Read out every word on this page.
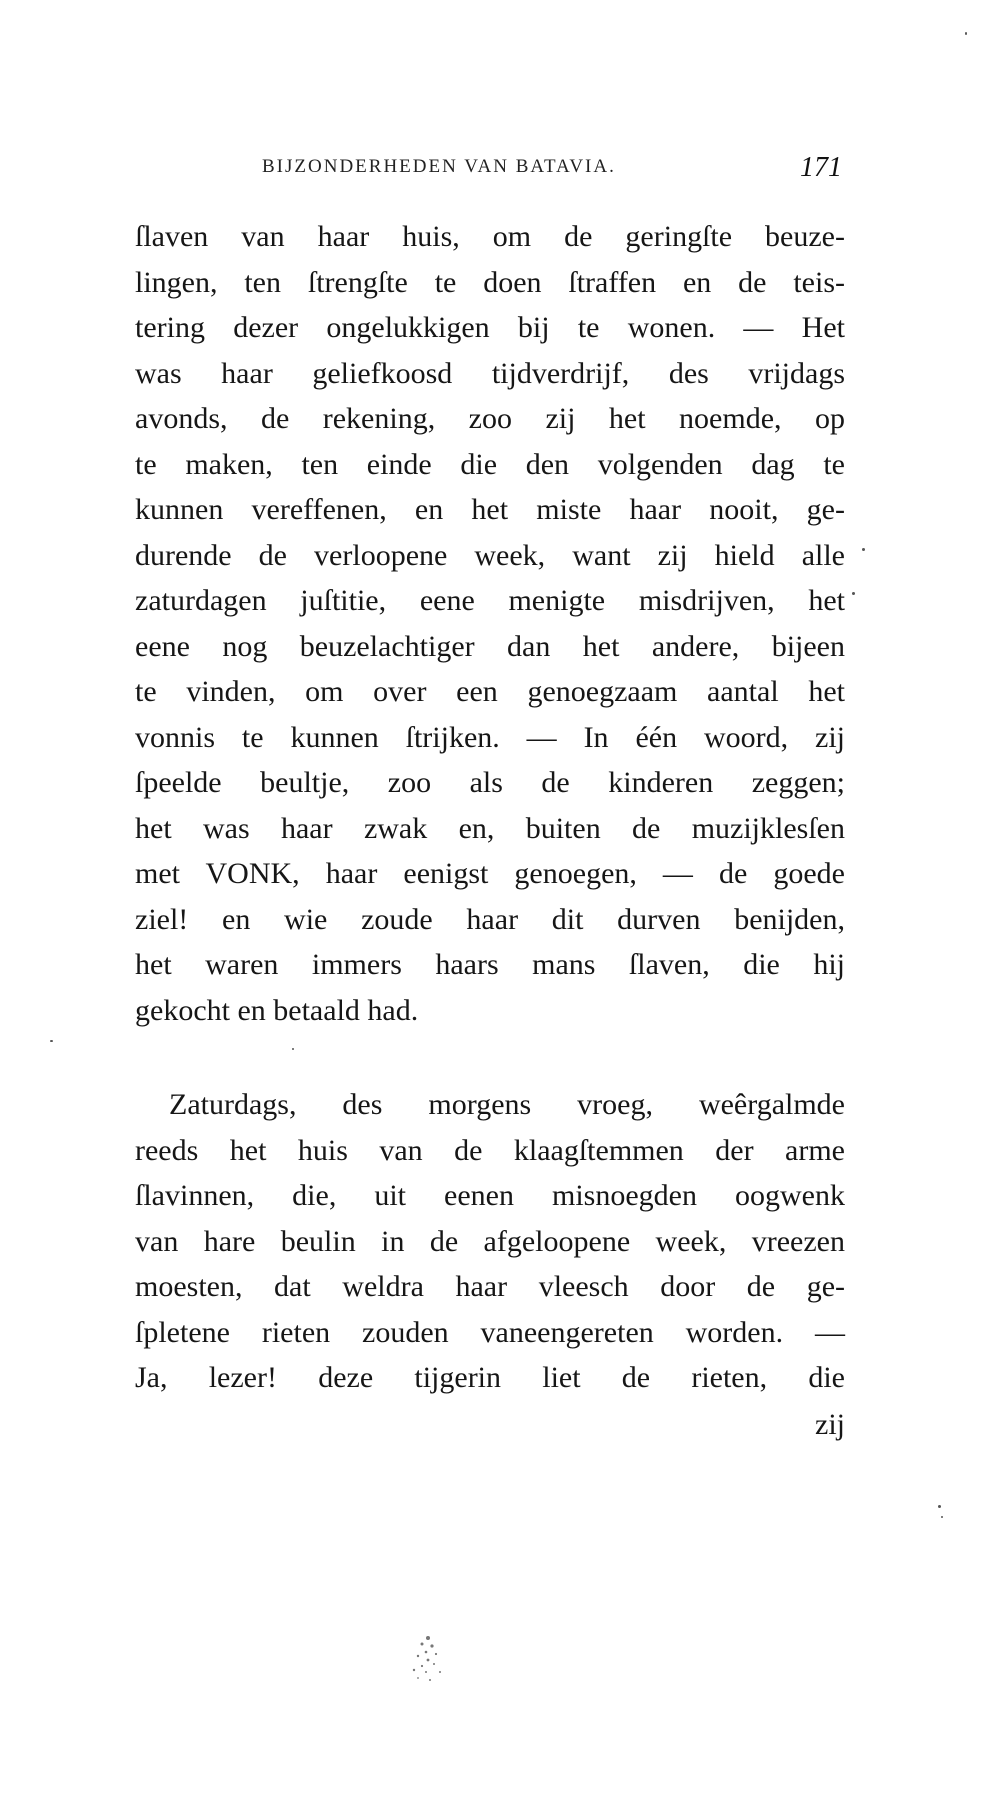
BIJZONDERHEDEN VAN BATAVIA.	171
ſlaven van haar huis, om de geringſte beuze-
lingen, ten ſtrengſte te doen ſtraffen en de teis-
tering dezer ongelukkigen bij te wonen. — Het
was haar geliefkoosd tijdverdrijf, des vrijdags
avonds, de rekening, zoo zij het noemde, op
te maken, ten einde die den volgenden dag te
kunnen vereffenen, en het miste haar nooit, ge-
durende de verloopene week, want zij hield alle
zaturdagen juſtitie, eene menigte misdrijven, het
eene nog beuzelachtiger dan het andere, bijeen
te vinden, om over een genoegzaam aantal het
vonnis te kunnen ſtrijken. — In één woord, zij
ſpeelde beultje, zoo als de kinderen zeggen;
het was haar zwak en, buiten de muzijklesſen
met VONK, haar eenigst genoegen, — de goede
ziel! en wie zoude haar dit durven benijden,
het waren immers haars mans ſlaven, die hij
gekocht en betaald had.
Zaturdags, des morgens vroeg, weêrgalmde
reeds het huis van de klaagſtemmen der arme
ſlavinnen, die, uit eenen misnoegden oogwenk
van hare beulin in de afgeloopene week, vreezen
moesten, dat weldra haar vleesch door de ge-
ſpletene rieten zouden vaneengereten worden. —
Ja, lezer! deze tijgerin liet de rieten, die
zij
